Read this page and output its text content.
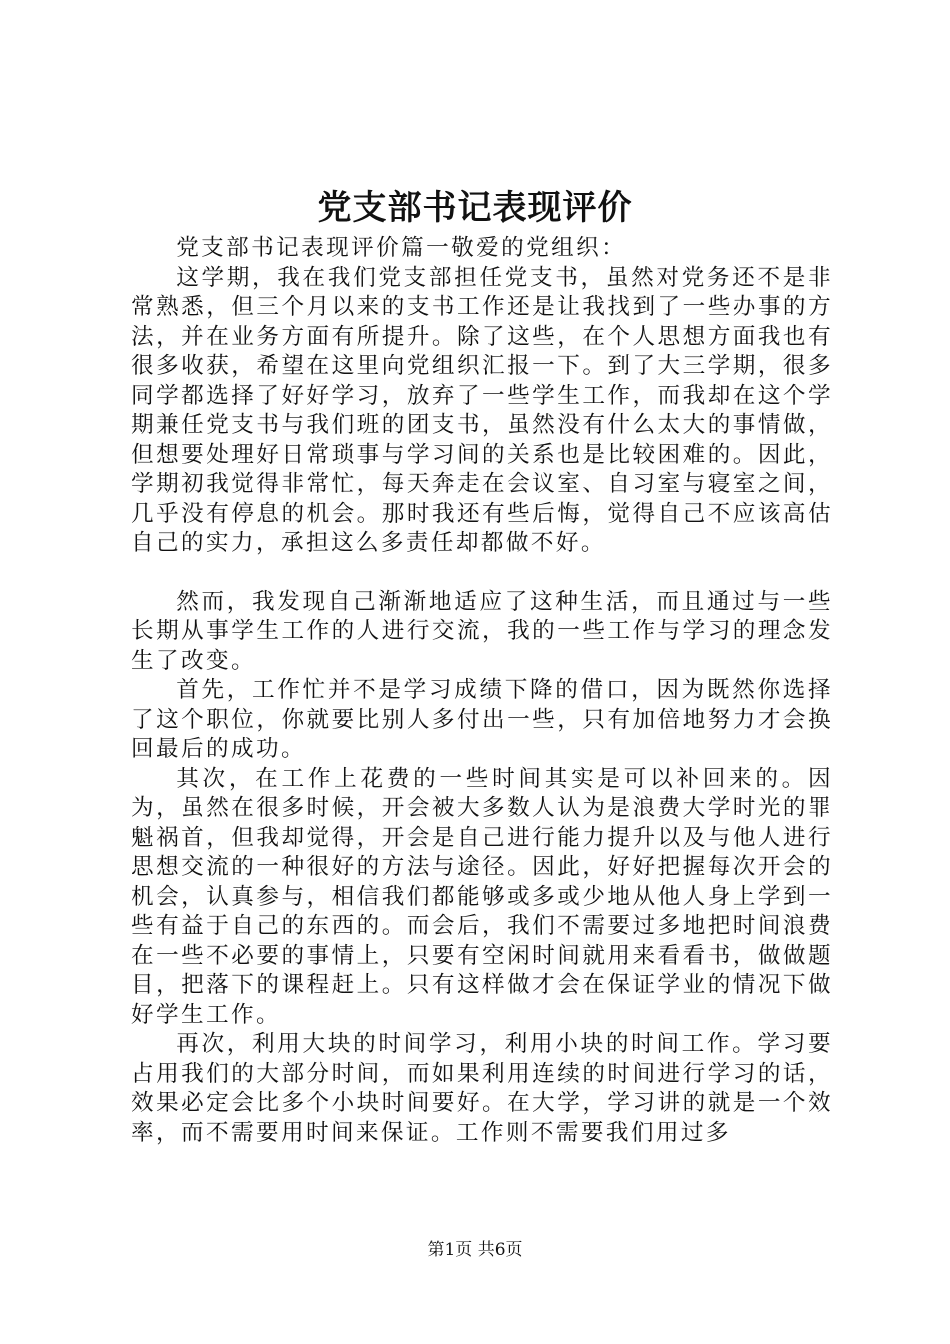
党支部书记表现评价

党支部书记表现评价篇一敬爱的党组织：

这学期，我在我们党支部担任党支书，虽然对党务还不是非常熟悉，但三个月以来的支书工作还是让我找到了一些办事的方法，并在业务方面有所提升。除了这些，在个人思想方面我也有很多收获，希望在这里向党组织汇报一下。到了大三学期，很多同学都选择了好好学习，放弃了一些学生工作，而我却在这个学期兼任党支书与我们班的团支书，虽然没有什么太大的事情做，但想要处理好日常琐事与学习间的关系也是比较困难的。因此，学期初我觉得非常忙，每天奔走在会议室、自习室与寝室之间，几乎没有停息的机会。那时我还有些后悔，觉得自己不应该高估自己的实力，承担这么多责任却都做不好。

然而，我发现自己渐渐地适应了这种生活，而且通过与一些长期从事学生工作的人进行交流，我的一些工作与学习的理念发生了改变。

首先，工作忙并不是学习成绩下降的借口，因为既然你选择了这个职位，你就要比别人多付出一些，只有加倍地努力才会换回最后的成功。

其次，在工作上花费的一些时间其实是可以补回来的。因为，虽然在很多时候，开会被大多数人认为是浪费大学时光的罪魁祸首，但我却觉得，开会是自己进行能力提升以及与他人进行思想交流的一种很好的方法与途径。因此，好好把握每次开会的机会，认真参与，相信我们都能够或多或少地从他人身上学到一些有益于自己的东西的。而会后，我们不需要过多地把时间浪费在一些不必要的事情上，只要有空闲时间就用来看看书，做做题目，把落下的课程赶上。只有这样做才会在保证学业的情况下做好学生工作。

再次，利用大块的时间学习，利用小块的时间工作。学习要占用我们的大部分时间，而如果利用连续的时间进行学习的话，效果必定会比多个小块时间要好。在大学，学习讲的就是一个效率，而不需要用时间来保证。工作则不需要我们用过多

第1页 共6页
